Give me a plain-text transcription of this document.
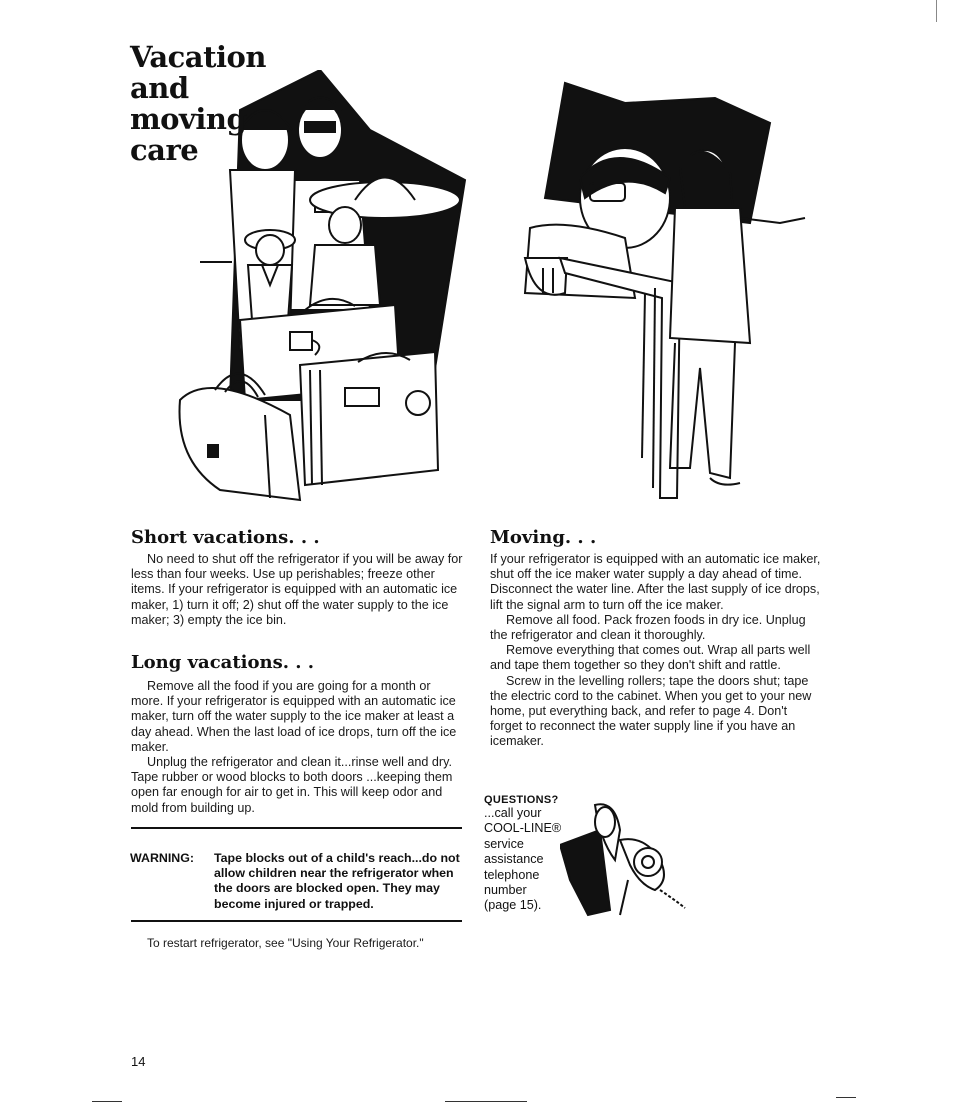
Vacation
and
moving
care
Short vacations. . .

No need to shut off the refrigerator if you will be away for less than four weeks. Use up perishables; freeze other items. If your refrigerator is equipped with an automatic ice maker, 1) turn it off; 2) shut off the water supply to the ice maker; 3) empty the ice bin.

Long vacations. . .

Remove all the food if you are going for a month or more. If your refrigerator is equipped with an automatic ice maker, turn off the water supply to the ice maker at least a day ahead. When the last load of ice drops, turn off the ice maker.

Unplug the refrigerator and clean it...rinse well and dry. Tape rubber or wood blocks to both doors ...keeping them open far enough for air to get in. This will keep odor and mold from building up.

WARNING: Tape blocks out of a child's reach...do not allow children near the refrigerator when the doors are blocked open. They may become injured or trapped.
To restart refrigerator, see "Using Your Refrigerator."
Moving. . .

If your refrigerator is equipped with an automatic ice maker, shut off the ice maker water supply a day ahead of time. Disconnect the water line. After the last supply of ice drops, lift the signal arm to turn off the ice maker.

Remove all food. Pack frozen foods in dry ice. Unplug the refrigerator and clean it thoroughly.

Remove everything that comes out. Wrap all parts well and tape them together so they don't shift and rattle.

Screw in the levelling rollers; tape the doors shut; tape the electric cord to the cabinet. When you get to your new home, put everything back, and refer to page 4. Don't forget to reconnect the water supply line if you have an icemaker.

QUESTIONS?
...call your
COOL-LINE®
service
assistance
telephone
number
(page 15).
14
